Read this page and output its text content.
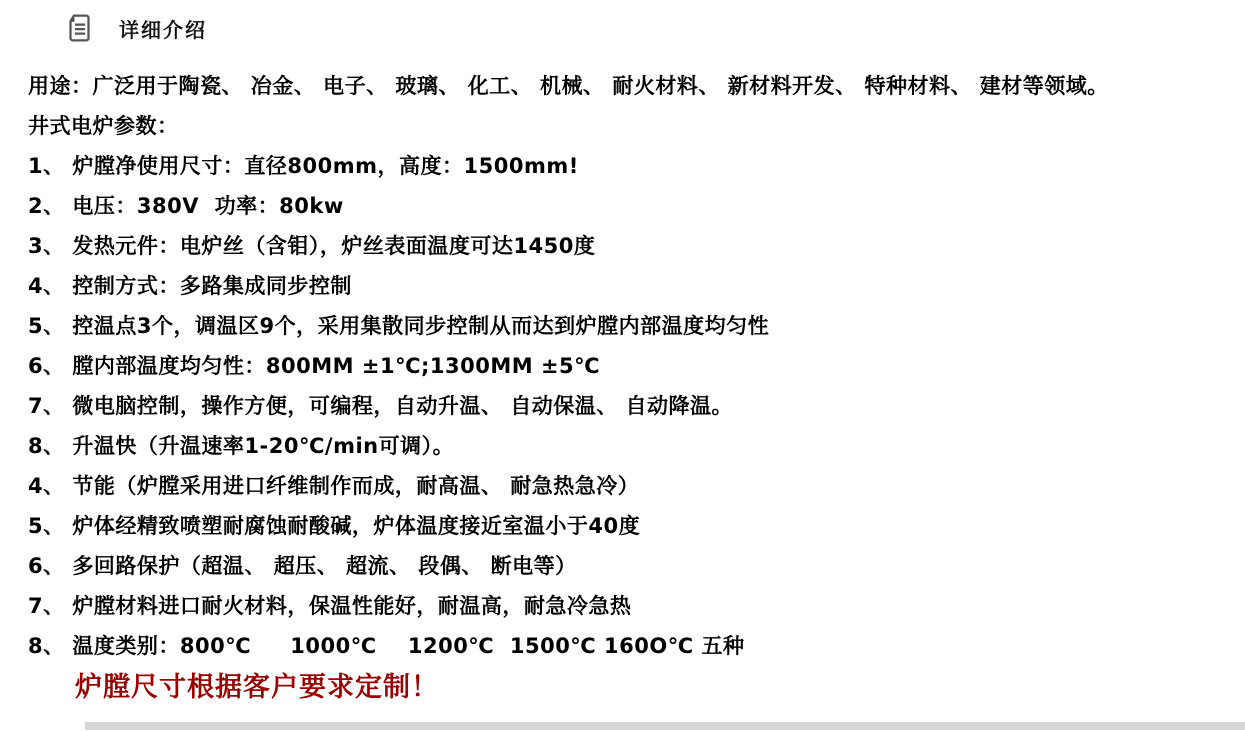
详细介绍
用途：广泛用于陶瓷、 冶金、 电子、 玻璃、 化工、 机械、 耐火材料、 新材料开发、 特种材料、 建材等领域。
井式电炉参数：
1、 炉膛净使用尺寸：直径800mm，高度：1500mm!
2、 电压：380V  功率：80kw
3、 发热元件：电炉丝（含钼），炉丝表面温度可达1450度
4、 控制方式：多路集成同步控制
5、 控温点3个，调温区9个，采用集散同步控制从而达到炉膛内部温度均匀性
6、 膛内部温度均匀性：800MM ±1℃;1300MM ±5℃
7、 微电脑控制，操作方便，可编程，自动升温、 自动保温、 自动降温。
8、 升温快（升温速率1-20℃/min可调）。
4、 节能（炉膛采用进口纤维制作而成，耐高温、 耐急热急冷）
5、 炉体经精致喷塑耐腐蚀耐酸碱，炉体温度接近室温小于40度
6、 多回路保护（超温、 超压、 超流、 段偶、 断电等）
7、 炉膛材料进口耐火材料，保温性能好，耐温高，耐急冷急热
8、 温度类别：800℃     1000℃    1200℃  1500℃ 160O℃ 五种
炉膛尺寸根据客户要求定制！
